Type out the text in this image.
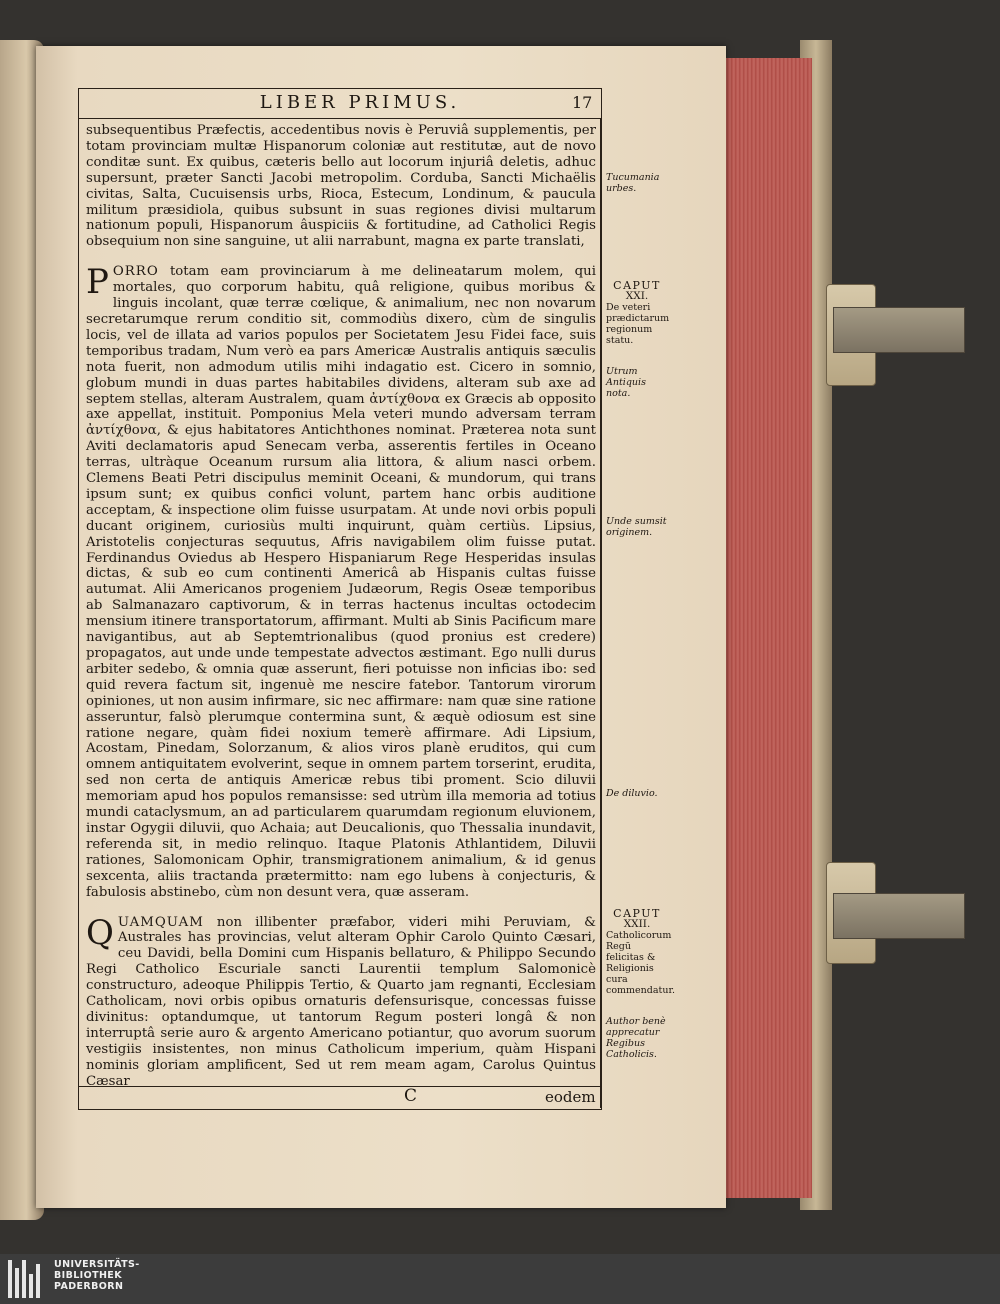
LIBER PRIMUS.	17

subsequentibus Præfectis, accedentibus novis è Peruviâ supplementis, per totam provinciam multæ Hispanorum coloniæ aut restitutæ, aut de novo conditæ sunt. Ex quibus, cæteris bello aut locorum injuriâ deletis, adhuc supersunt, præter Sancti Jacobi metropolim. Corduba, Sancti Michaëlis civitas, Salta, Cucuisensis urbs, Rioca, Estecum, Londinum, & paucula militum præsidiola, quibus subsunt in suas regiones divisi multarum nationum populi, Hispanorum âuspiciis & fortitudine, ad Catholici Regis obsequium non sine sanguine, ut alii narrabunt, magna ex parte translati,

PORRO totam eam provinciarum à me delineatarum molem, qui mortales, quo corporum habitu, quâ religione, quibus moribus & linguis incolant, quæ terræ cœlique, & animalium, nec non novarum secretarumque rerum conditio sit, commodiùs dixero, cùm de singulis locis, vel de illata ad varios populos per Societatem Jesu Fidei face, suis temporibus tradam, Num verò ea pars Americæ Australis antiquis sæculis nota fuerit, non admodum utilis mihi indagatio est. Cicero in somnio, globum mundi in duas partes habitabiles dividens, alteram sub axe ad septem stellas, alteram Australem, quam ἀντίχθονα ex Græcis ab opposito axe appellat, instituit. Pomponius Mela veteri mundo adversam terram ἀντίχθονα, & ejus habitatores Antichthones nominat. Præterea nota sunt Aviti declamatoris apud Senecam verba, asserentis fertiles in Oceano terras, ultràque Oceanum rursum alia littora, & alium nasci orbem. Clemens Beati Petri discipulus meminit Oceani, & mundorum, qui trans ipsum sunt; ex quibus confici volunt, partem hanc orbis auditione acceptam, & inspectione olim fuisse usurpatam. At unde novi orbis populi ducant originem, curiosiùs multi inquirunt, quàm certiùs. Lipsius, Aristotelis conjecturas sequutus, Afris navigabilem olim fuisse putat. Ferdinandus Oviedus ab Hespero Hispaniarum Rege Hesperidas insulas dictas, & sub eo cum continenti Americâ ab Hispanis cultas fuisse autumat. Alii Americanos progeniem Judæorum, Regis Oseæ temporibus ab Salmanazaro captivorum, & in terras hactenus incultas octodecim mensium itinere transportatorum, affirmant. Multi ab Sinis Pacificum mare navigantibus, aut ab Septemtrionalibus (quod pronius est credere) propagatos, aut unde unde tempestate advectos æstimant. Ego nulli durus arbiter sedebo, & omnia quæ asserunt, fieri potuisse non inficias ibo: sed quid revera factum sit, ingenuè me nescire fatebor. Tantorum virorum opiniones, ut non ausim infirmare, sic nec affirmare: nam quæ sine ratione asseruntur, falsò plerumque contermina sunt, & æquè odiosum est sine ratione negare, quàm fidei noxium temerè affirmare. Adi Lipsium, Acostam, Pinedam, Solorzanum, & alios viros planè eruditos, qui cum omnem antiquitatem evolverint, seque in omnem partem torserint, erudita, sed non certa de antiquis Americæ rebus tibi proment. Scio diluvii memoriam apud hos populos remansisse: sed utrùm illa memoria ad totius mundi cataclysmum, an ad particularem quarumdam regionum eluvionem, instar Ogygii diluvii, quo Achaia; aut Deucalionis, quo Thessalia inundavit, referenda sit, in medio relinquo. Itaque Platonis Athlantidem, Diluvii rationes, Salomonicam Ophir, transmigrationem animalium, & id genus sexcenta, aliis tractanda prætermitto: nam ego lubens à conjecturis, & fabulosis abstinebo, cùm non desunt vera, quæ asseram.

QUAMQUAM non illibenter præfabor, videri mihi Peruviam, & Australes has provincias, velut alteram Ophir Carolo Quinto Cæsari, ceu Davidi, bella Domini cum Hispanis bellaturo, & Philippo Secundo Regi Catholico Escuriale sancti Laurentii templum Salomonicè constructuro, adeoque Philippis Tertio, & Quarto jam regnanti, Ecclesiam Catholicam, novi orbis opibus ornaturis defensurisque, concessas fuisse divinitus: optandumque, ut tantorum Regum posteri longâ & non interruptâ serie auro & argento Americano potiantur, quo avorum suorum vestigiis insistentes, non minus Catholicum imperium, quàm Hispani nominis gloriam amplificent, Sed ut rem meam agam, Carolus Quintus Cæsar

Tucumania urbes.
CAPUT
XXI.
De veteri prædictarum regionum statu.
Utrum Antiquis nota.
Unde sumsit originem.
De diluvio.
CAPUT
XXII.
Catholicorum Regū felicitas & Religionis cura commendatur.
Author benè apprecatur Regibus Catholicis.
C	eodem
UNIVERSITÄTS-
BIBLIOTHEK
PADERBORN
